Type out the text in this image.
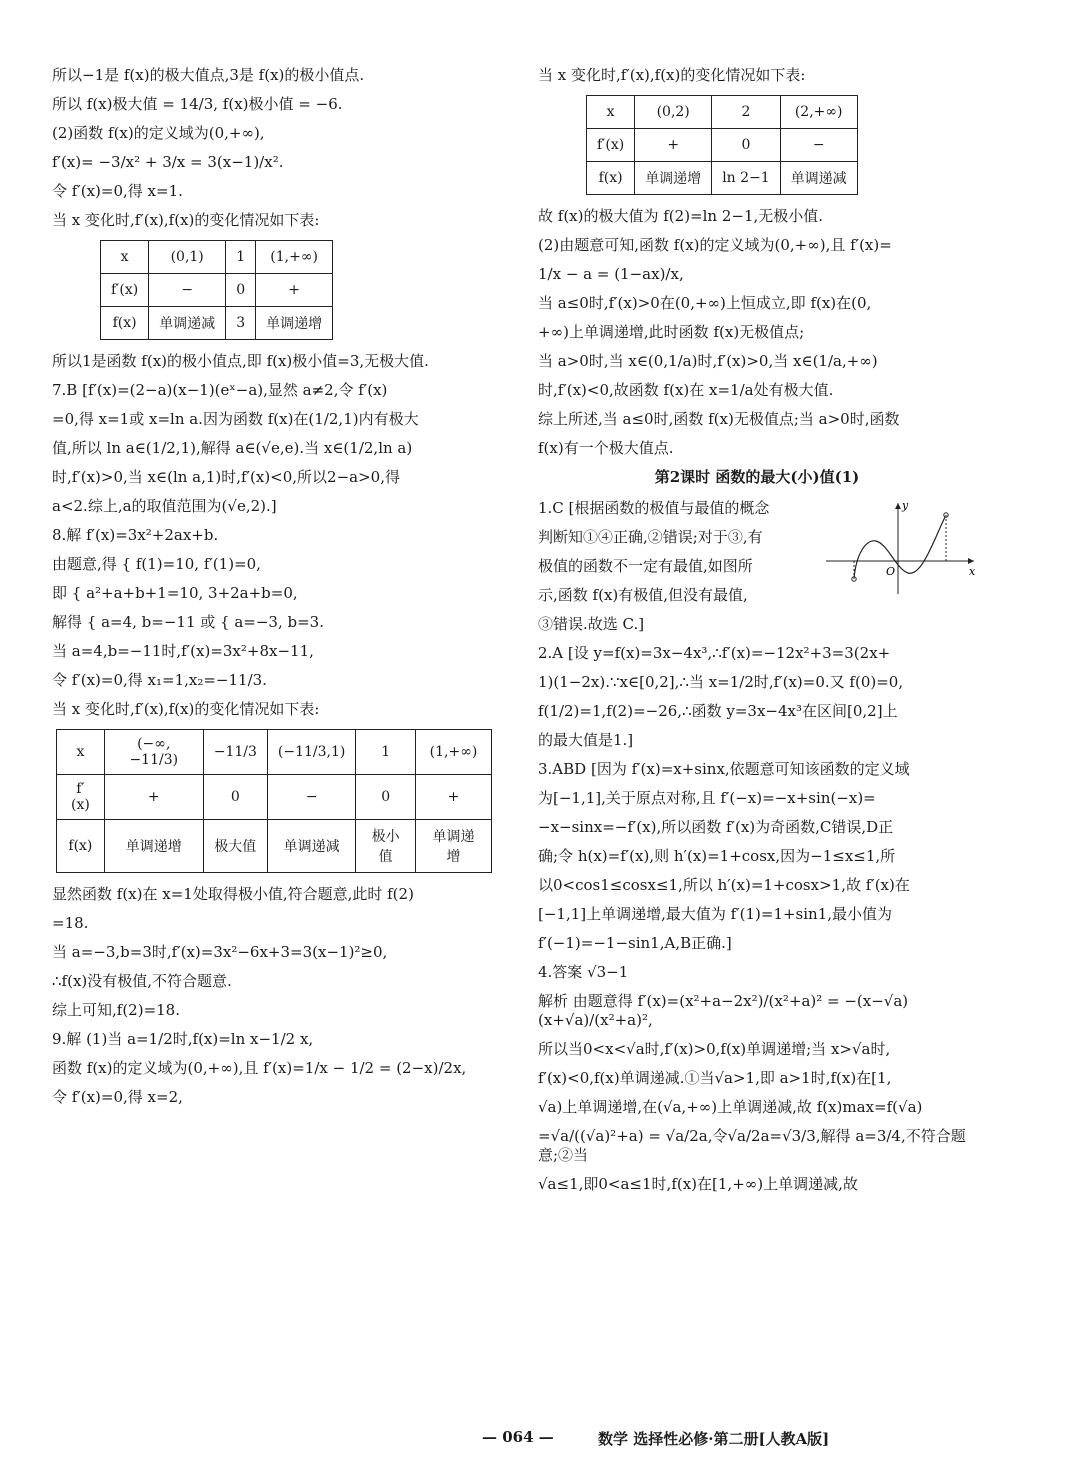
所以−1是 f(x)的极大值点,3是 f(x)的极小值点.
所以 f(x)极大值 = 14/3, f(x)极小值 = −6.
(2)函数 f(x)的定义域为(0,+∞),
f′(x)= −3/x² + 3/x = 3(x−1)/x².
令 f′(x)=0,得 x=1.
当 x 变化时,f′(x),f(x)的变化情况如下表:
x	(0,1)	1	(1,+∞)
f′(x)	−	0	+
f(x)	单调递减	3	单调递增
所以1是函数 f(x)的极小值点,即 f(x)极小值=3,无极大值.
7.B [f′(x)=(2−a)(x−1)(eˣ−a),显然 a≠2,令 f′(x)
=0,得 x=1或 x=ln a.因为函数 f(x)在(1/2,1)内有极大
值,所以 ln a∈(1/2,1),解得 a∈(√e,e).当 x∈(1/2,ln a)
时,f′(x)>0,当 x∈(ln a,1)时,f′(x)<0,所以2−a>0,得
a<2.综上,a的取值范围为(√e,2).]
8.解 f′(x)=3x²+2ax+b.
由题意,得 { f(1)=10, f′(1)=0,
即 { a²+a+b+1=10, 3+2a+b=0,
解得 { a=4, b=−11 或 { a=−3, b=3.
当 a=4,b=−11时,f′(x)=3x²+8x−11,
令 f′(x)=0,得 x₁=1,x₂=−11/3.
当 x 变化时,f′(x),f(x)的变化情况如下表:
x	(−∞,−11/3)	−11/3	(−11/3,1)	1	(1,+∞)
f′(x)	+	0	−	0	+
f(x)	单调递增	极大值	单调递减	极小值	单调递增
显然函数 f(x)在 x=1处取得极小值,符合题意,此时 f(2)
=18.
当 a=−3,b=3时,f′(x)=3x²−6x+3=3(x−1)²≥0,
∴f(x)没有极值,不符合题意.
综上可知,f(2)=18.
9.解 (1)当 a=1/2时,f(x)=ln x−1/2 x,
函数 f(x)的定义域为(0,+∞),且 f′(x)=1/x − 1/2 = (2−x)/2x,
令 f′(x)=0,得 x=2,
当 x 变化时,f′(x),f(x)的变化情况如下表:
x	(0,2)	2	(2,+∞)
f′(x)	+	0	−
f(x)	单调递增	ln 2−1	单调递减
故 f(x)的极大值为 f(2)=ln 2−1,无极小值.
(2)由题意可知,函数 f(x)的定义域为(0,+∞),且 f′(x)=
1/x − a = (1−ax)/x,
当 a≤0时,f′(x)>0在(0,+∞)上恒成立,即 f(x)在(0,
+∞)上单调递增,此时函数 f(x)无极值点;
当 a>0时,当 x∈(0,1/a)时,f′(x)>0,当 x∈(1/a,+∞)
时,f′(x)<0,故函数 f(x)在 x=1/a处有极大值.
综上所述,当 a≤0时,函数 f(x)无极值点;当 a>0时,函数
f(x)有一个极大值点.
第2课时 函数的最大(小)值(1)
1.C [根据函数的极值与最值的概念
判断知①④正确,②错误;对于③,有
极值的函数不一定有最值,如图所
示,函数 f(x)有极值,但没有最值,
③错误.故选 C.]
y
O	x
2.A [设 y=f(x)=3x−4x³,∴f′(x)=−12x²+3=3(2x+
1)(1−2x).∵x∈[0,2],∴当 x=1/2时,f′(x)=0.又 f(0)=0,
f(1/2)=1,f(2)=−26,∴函数 y=3x−4x³在区间[0,2]上
的最大值是1.]
3.ABD [因为 f′(x)=x+sinx,依题意可知该函数的定义域
为[−1,1],关于原点对称,且 f′(−x)=−x+sin(−x)=
−x−sinx=−f′(x),所以函数 f′(x)为奇函数,C错误,D正
确;令 h(x)=f′(x),则 h′(x)=1+cosx,因为−1≤x≤1,所
以0<cos1≤cosx≤1,所以 h′(x)=1+cosx>1,故 f′(x)在
[−1,1]上单调递增,最大值为 f′(1)=1+sin1,最小值为
f′(−1)=−1−sin1,A,B正确.]
4.答案 √3−1
解析 由题意得 f′(x)=(x²+a−2x²)/(x²+a)² = −(x−√a)(x+√a)/(x²+a)²,
所以当0<x<√a时,f′(x)>0,f(x)单调递增;当 x>√a时,
f′(x)<0,f(x)单调递减.①当√a>1,即 a>1时,f(x)在[1,
√a)上单调递增,在(√a,+∞)上单调递减,故 f(x)max=f(√a)
=√a/((√a)²+a) = √a/2a,令√a/2a=√3/3,解得 a=3/4,不符合题意;②当
√a≤1,即0<a≤1时,f(x)在[1,+∞)上单调递减,故
— 064 —	数学 选择性必修·第二册[人教A版]
